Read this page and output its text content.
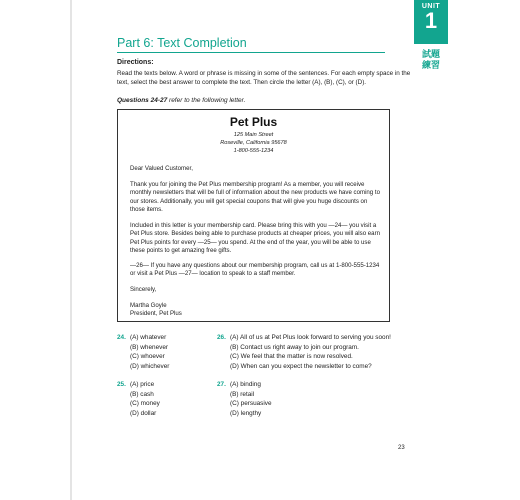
UNIT
1
試題練習
Part 6: Text Completion
Directions:
Read the texts below. A word or phrase is missing in some of the sentences. For each empty space in the text, select the best answer to complete the text. Then circle the letter (A), (B), (C), or (D).
Questions 24-27 refer to the following letter.
Pet Plus
125 Main Street
Roseville, California 95678
1-800-555-1234
Dear Valued Customer,
Thank you for joining the Pet Plus membership program! As a member, you will receive monthly newsletters that will be full of information about the new products we have coming to our stores. Additionally, you will get special coupons that will give you huge discounts on those items.
Included in this letter is your membership card. Please bring this with you —24— you visit a Pet Plus store. Besides being able to purchase products at cheaper prices, you will also earn Pet Plus points for every —25— you spend. At the end of the year, you will be able to use these points to get amazing free gifts.
—26— If you have any questions about our membership program, call us at 1-800-555-1234 or visit a Pet Plus —27— location to speak to a staff member.
Sincerely,
Martha Goyle
President, Pet Plus
24. (A) whatever
(B) whenever
(C) whoever
(D) whichever
26. (A) All of us at Pet Plus look forward to serving you soon!
(B) Contact us right away to join our program.
(C) We feel that the matter is now resolved.
(D) When can you expect the newsletter to come?
25. (A) price
(B) cash
(C) money
(D) dollar
27. (A) binding
(B) retail
(C) persuasive
(D) lengthy
23
